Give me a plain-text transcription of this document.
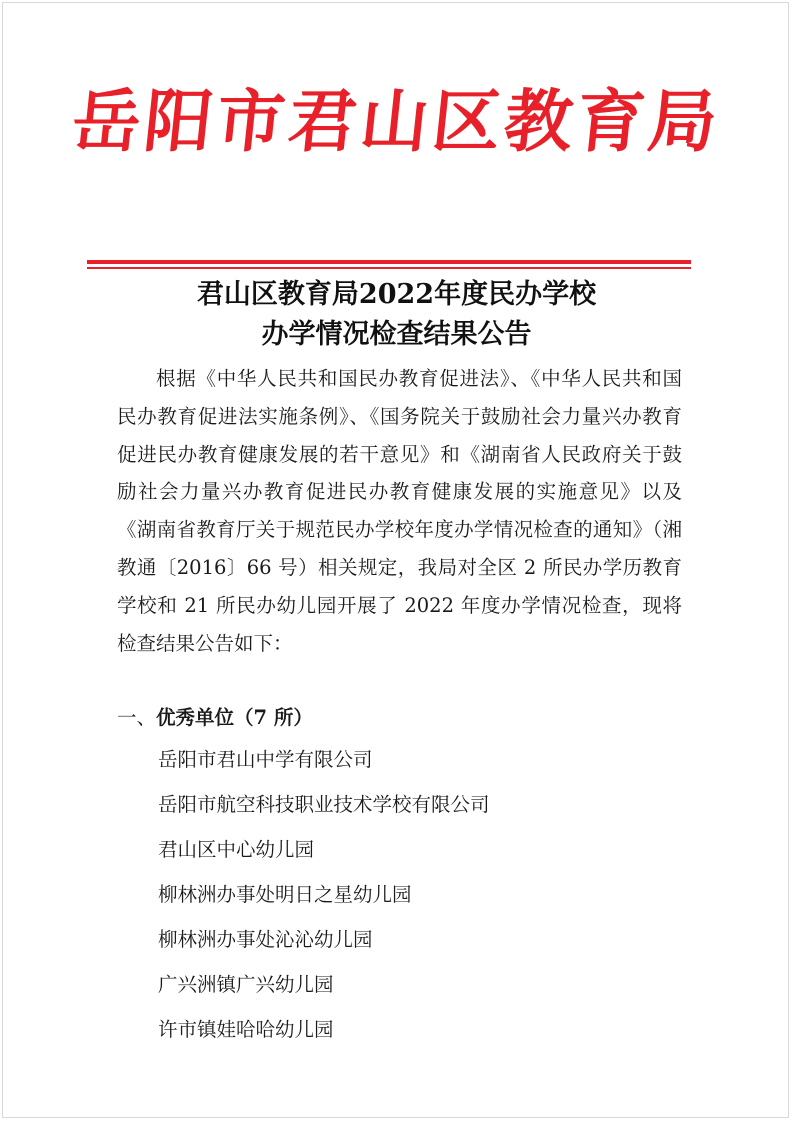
岳阳市君山区教育局
君山区教育局2022年度民办学校
办学情况检查结果公告
根据《中华人民共和国民办教育促进法》、《中华人民共和国民办教育促进法实施条例》、《国务院关于鼓励社会力量兴办教育促进民办教育健康发展的若干意见》和《湖南省人民政府关于鼓励社会力量兴办教育促进民办教育健康发展的实施意见》以及《湖南省教育厅关于规范民办学校年度办学情况检查的通知》（湘教通〔2016〕66 号）相关规定，我局对全区 2 所民办学历教育学校和 21 所民办幼儿园开展了 2022 年度办学情况检查，现将检查结果公告如下：
一、优秀单位（7 所）
岳阳市君山中学有限公司
岳阳市航空科技职业技术学校有限公司
君山区中心幼儿园
柳林洲办事处明日之星幼儿园
柳林洲办事处沁沁幼儿园
广兴洲镇广兴幼儿园
许市镇娃哈哈幼儿园
